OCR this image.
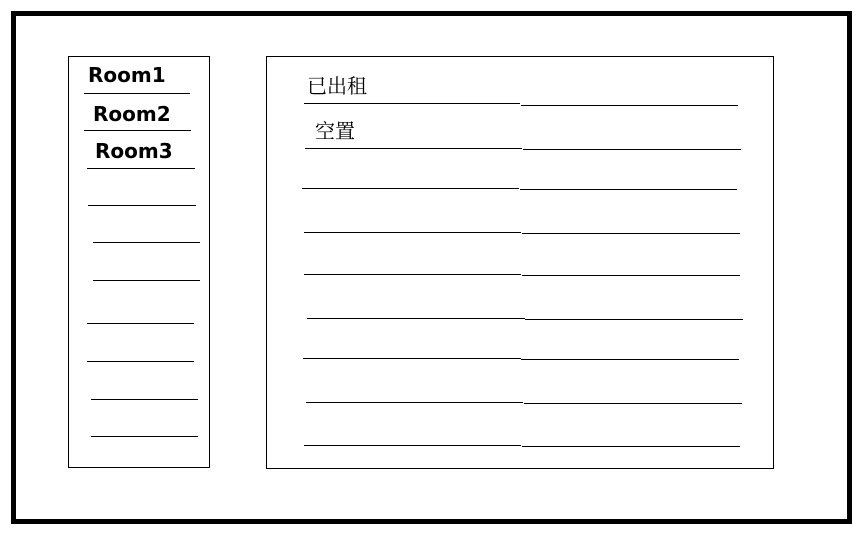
Room1
Room2
Room3
已出租
空置
